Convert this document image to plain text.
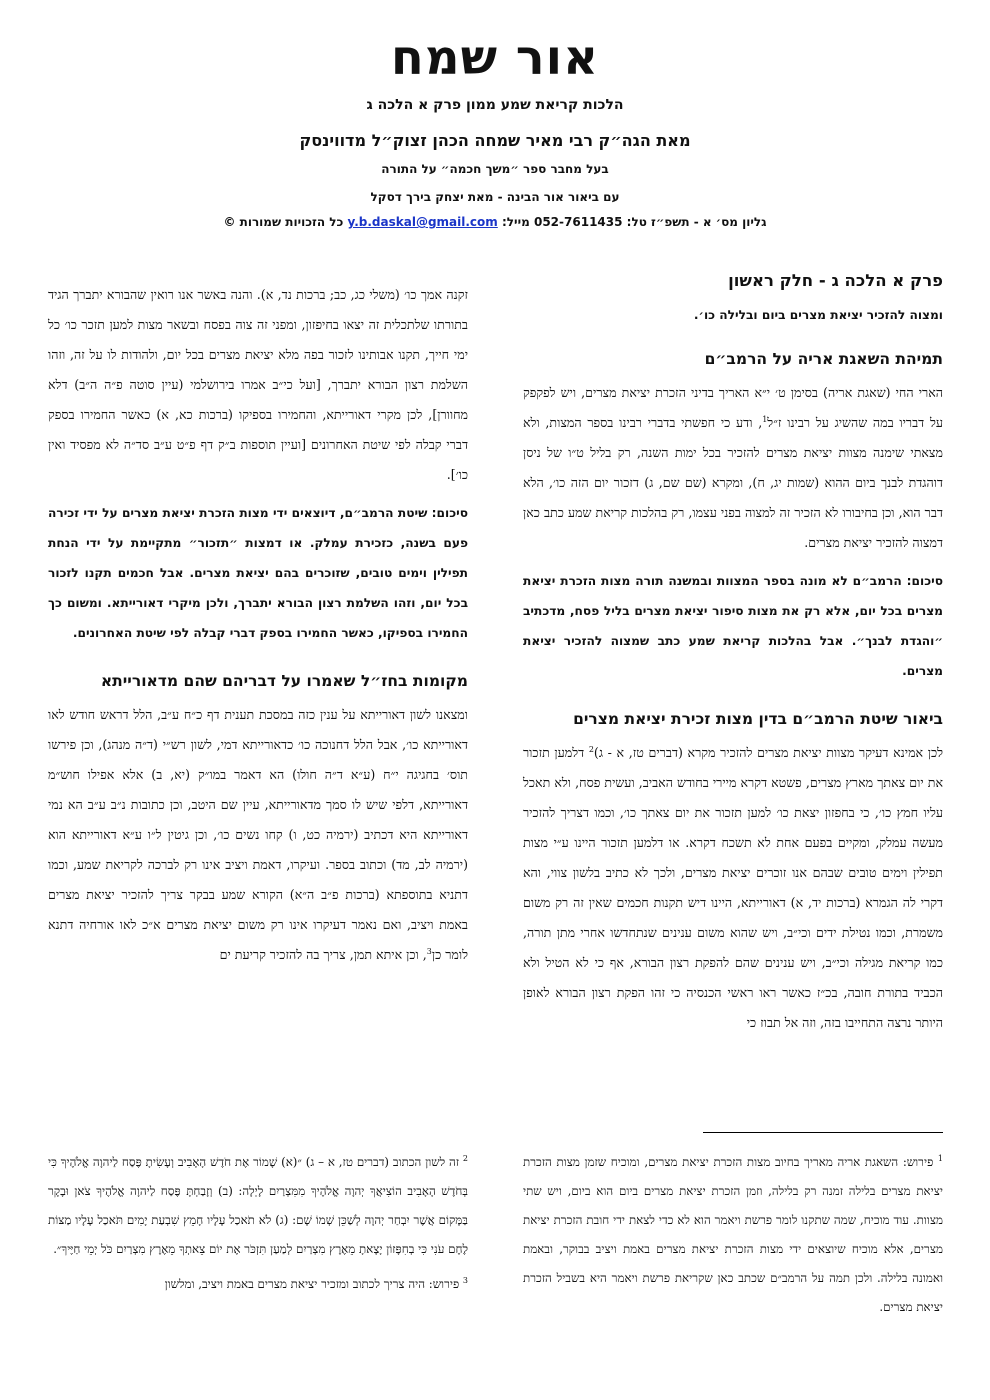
אור שמח
הלכות קריאת שמע ממון פרק א הלכה ג
מאת הגה״ק רבי מאיר שמחה הכהן זצוק״ל מדווינסק
בעל מחבר ספר ״משך חכמה״ על התורה
עם ביאור אור הבינה - מאת יצחק בירך דסקל
גליון מס׳ א - תשפ״ז טל: 052-7611435 מייל: y.b.daskal@gmail.com כל הזכויות שמורות ©
פרק א הלכה ג - חלק ראשון
ומצוה להזכיר יציאת מצרים ביום ובלילה כו׳.
תמיהת השאגת אריה על הרמב״ם

הארי החי (שאגת אריה) בסימן ט׳ י״א האריך בדיני הזכרת יציאת מצרים, ויש לפקפק על דבריו במה שהשיג על רבינו ז״ל$^1$, ודע כי חפשתי בדברי רבינו בספר המצות, ולא מצאתי שימנה מצוות יציאת מצרים להזכיר בכל ימות השנה, רק בליל ט״ו של ניסן דוהגדת לבנך ביום ההוא (שמות יג, ח), ומקרא (שם שם, ג) דזכור יום הזה כו׳, הלא דבר הוא, וכן בחיבורו לא הזכיר זה למצוה בפני עצמו, רק בהלכות קריאת שמע כתב כאן דמצוה להזכיר יציאת מצרים.

סיכום: הרמב״ם לא מונה בספר המצוות ובמשנה תורה מצות הזכרת יציאת מצרים בכל יום, אלא רק את מצות סיפור יציאת מצרים בליל פסח, מדכתיב ״והגדת לבנך״. אבל בהלכות קריאת שמע כתב שמצוה להזכיר יציאת מצרים.

ביאור שיטת הרמב״ם בדין מצות זכירת יציאת מצרים

לכן אמינא דעיקר מצוות יציאת מצרים להזכיר מקרא (דברים טז, א - ג)$^2$ דלמען תזכור את יום צאתך מארץ מצרים, פשטא דקרא מיירי בחודש האביב, ועשית פסח, ולא תאכל עליו חמץ כו׳, כי בחפזון יצאת כו׳ למען תזכור את יום צאתך כו׳, וכמו דצריך להזכיר מעשה עמלק, ומקיים בפעם אחת לא תשכח דקרא. או דלמען תזכור היינו ע״י מצות תפילין וימים טובים שבהם אנו זוכרים יציאת מצרים, ולכך לא כתיב בלשון צווי, והא דקרי לה הגמרא (ברכות יד, א) דאורייתא, היינו דיש תקנות חכמים שאין זה רק משום משמרת, וכמו נטילת ידים וכי״ב, ויש שהוא משום ענינים שנתחדשו אחרי מתן תורה, כמו קריאת מגילה וכי״ב, ויש ענינים שהם להפקת רצון הבורא, אף כי לא הטיל ולא הכביד בתורת חובה, בכ״ז כאשר ראו ראשי הכנסיה כי זהו הפקת רצון הבורא לאופן היותר נרצה התחייבו בזה, וזה אל תבוז כי

זקנה אמך כו׳ (משלי כג, כב; ברכות נד, א). והנה באשר אנו רואין שהבורא יתברך הגיד בתורתו שלתכלית זה יצאו בחיפזון, ומפני זה צוה בפסח ובשאר מצות למען תזכר כו׳ כל ימי חייך, תקנו אבותינו לזכור בפה מלא יציאת מצרים בכל יום, ולהודות לו על זה, וזהו השלמת רצון הבורא יתברך, [ועל כי״ב אמרו בירושלמי (עיין סוטה פ״ה ה״ב) דלא מחוורן], לכן מקרי דאורייתא, והחמירו בספיקו (ברכות כא, א) כאשר החמירו בספק דברי קבלה לפי שיטת האחרונים [ועיין תוספות ב״ק דף פ״ט ע״ב סד״ה לא מפסיד ואין כו׳].

סיכום: שיטת הרמב״ם, דיוצאים ידי מצות הזכרת יציאת מצרים על ידי זכירה פעם בשנה, כזכירת עמלק. או דמצות ״תזכור״ מתקיימת על ידי הנחת תפילין וימים טובים, שזוכרים בהם יציאת מצרים. אבל חכמים תקנו לזכור בכל יום, וזהו השלמת רצון הבורא יתברך, ולכן מיקרי דאורייתא. ומשום כך החמירו בספיקו, כאשר החמירו בספק דברי קבלה לפי שיטת האחרונים.

מקומות בחז״ל שאמרו על דבריהם שהם מדאורייתא

ומצאנו לשון דאורייתא על ענין כזה במסכת תענית דף כ״ח ע״ב, הלל דראש חודש לאו דאורייתא כו׳, אבל הלל דחנוכה כו׳ כדאורייתא דמי, לשון רש״י (ד״ה מנהג), וכן פירשו תוס׳ בחגיגה י״ח (ע״א ד״ה חולו) הא דאמר במו״ק (יא, ב) אלא אפילו חוש״מ דאורייתא, דלפי שיש לו סמך מדאורייתא, עיין שם היטב, וכן כתובות נ״ב ע״ב הא נמי דאורייתא היא דכתיב (ירמיה כט, ו) קחו נשים כו׳, וכן גיטין ל״ו ע״א דאורייתא הוא (ירמיה לב, מד) וכתוב בספר. ועיקרו, דאמת ויציב אינו רק לברכה לקריאת שמע, וכמו דתניא בתוספתא (ברכות פ״ב ה״א) הקורא שמע בבקר צריך להזכיר יציאת מצרים באמת ויציב, ואם נאמר דעיקרו אינו רק משום יציאת מצרים א״כ לאו אורחיה דתנא לומר כן$^3$, וכן איתא תמן, צריך בה להזכיר קריעת ים

$^1$ פירוש: השאגת אריה מאריך בחיוב מצות הזכרת יציאת מצרים, ומוכיח שזמן מצות הזכרת יציאת מצרים בלילה זמנה רק בלילה, וזמן הזכרת יציאת מצרים ביום הוא ביום, ויש שתי מצוות. עוד מוכיח, שמה שתקנו לומר פרשת ויאמר הוא לא כדי לצאת ידי חובת הזכרת יציאת מצרים, אלא מוכיח שיוצאים ידי מצות הזכרת יציאת מצרים באמת ויציב בבוקר, ובאמת ואמונה בלילה. ולכן תמה על הרמב״ם שכתב כאן שקריאת פרשת ויאמר היא בשביל הזכרת יציאת מצרים.

$^2$ זה לשון הכתוב (דברים טז, א – ג) ״(א) שָׁמוֹר אֶת חֹדֶשׁ הָאָבִיב וְעָשִׂיתָ פֶּסַח לַיהוָה אֱלֹהֶיךָ כִּי בְּחֹדֶשׁ הָאָבִיב הוֹצִיאֲךָ יְהוָה אֱלֹהֶיךָ מִמִּצְרַיִם לָיְלָה: (ב) וְזָבַחְתָּ פֶּסַח לַיהוָה אֱלֹהֶיךָ צֹאן וּבָקָר בַּמָּקוֹם אֲשֶׁר יִבְחַר יְהוָה לְשַׁכֵּן שְׁמוֹ שָׁם: (ג) לֹא תֹאכַל עָלָיו חָמֵץ שִׁבְעַת יָמִים תֹּאכַל עָלָיו מַצּוֹת לֶחֶם עֹנִי כִּי בְחִפָּזוֹן יָצָאתָ מֵאֶרֶץ מִצְרַיִם לְמַעַן תִּזְכֹּר אֶת יוֹם צֵאתְךָ מֵאֶרֶץ מִצְרַיִם כֹּל יְמֵי חַיֶּיךָ״.

$^3$ פירוש: היה צריך לכתוב ומזכיר יציאת מצרים באמת ויציב, ומלשון
